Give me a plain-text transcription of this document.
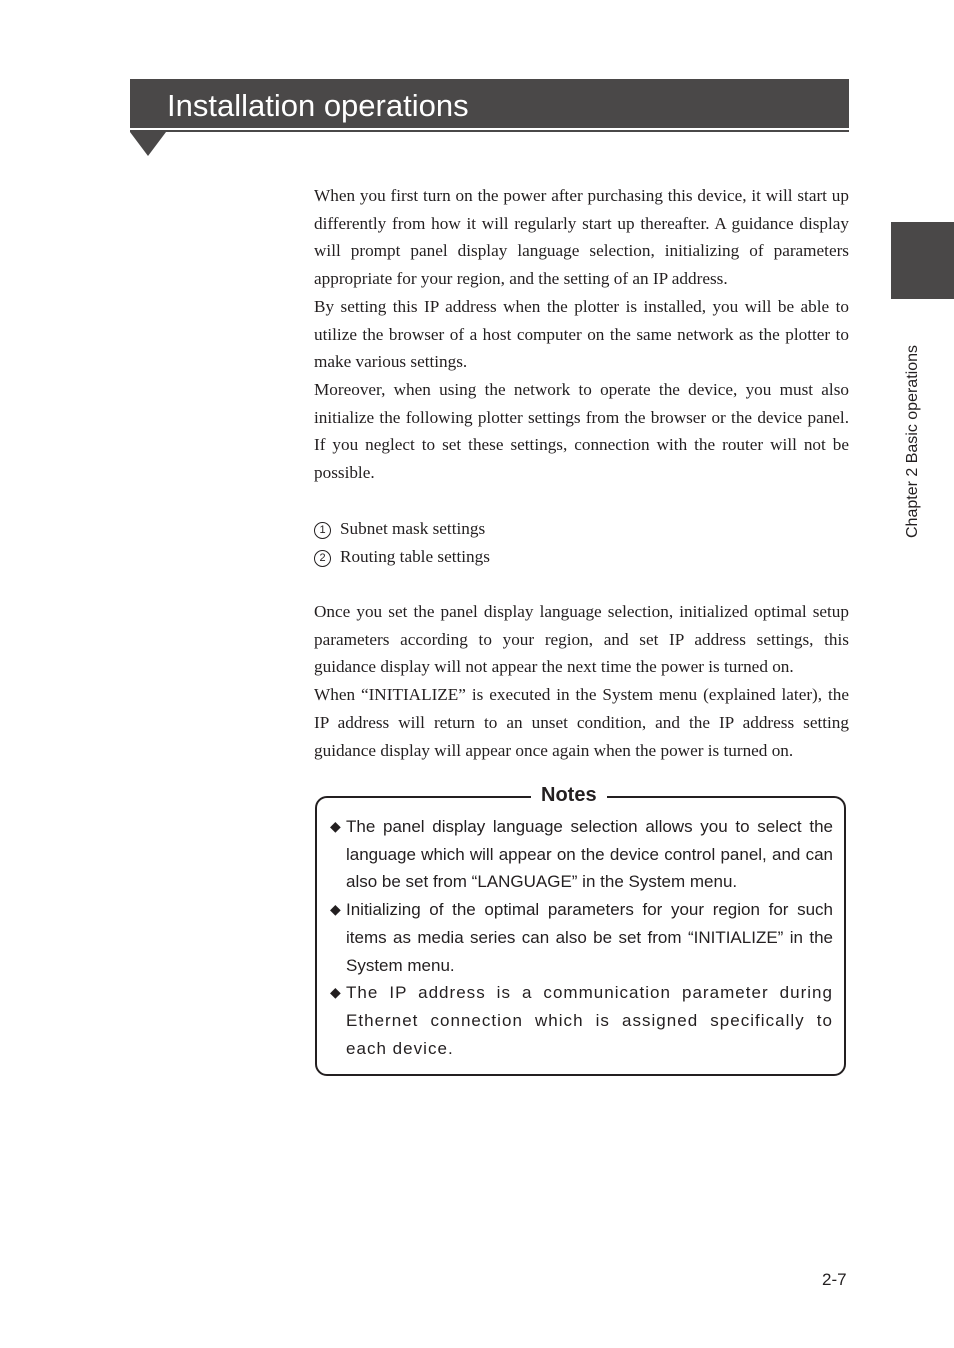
Installation operations
Chapter 2 Basic operations

When you first turn on the power after purchasing this device, it will start up differently from how it will regularly start up thereafter. A guidance display will prompt panel display language selection, initializing of parameters appropriate for your region, and the setting of an IP address.

By setting this IP address when the plotter is installed, you will be able to utilize the browser of a host computer on the same network as the plotter to make various settings.

Moreover, when using the network to operate the device, you must also initialize the following plotter settings from the browser or the device panel. If you neglect to set these settings, connection with the router will not be possible.

1 Subnet mask settings
2 Routing table settings

Once you set the panel display language selection, initialized optimal setup parameters according to your region, and set IP address settings, this guidance display will not appear the next time the power is turned on.

When “INITIALIZE” is executed in the System menu (explained later), the IP address will return to an unset condition, and the IP address setting guidance display will appear once again when the power is turned on.

Notes
◆ The panel display language selection allows you to select the language which will appear on the device control panel, and can also be set from “LANGUAGE” in the System menu.
◆ Initializing of the optimal parameters for your region for such items as media series can also be set from “INITIALIZE” in the System menu.
◆ The IP address is a communication parameter during Ethernet connection which is assigned specifically to each device.
2-7
